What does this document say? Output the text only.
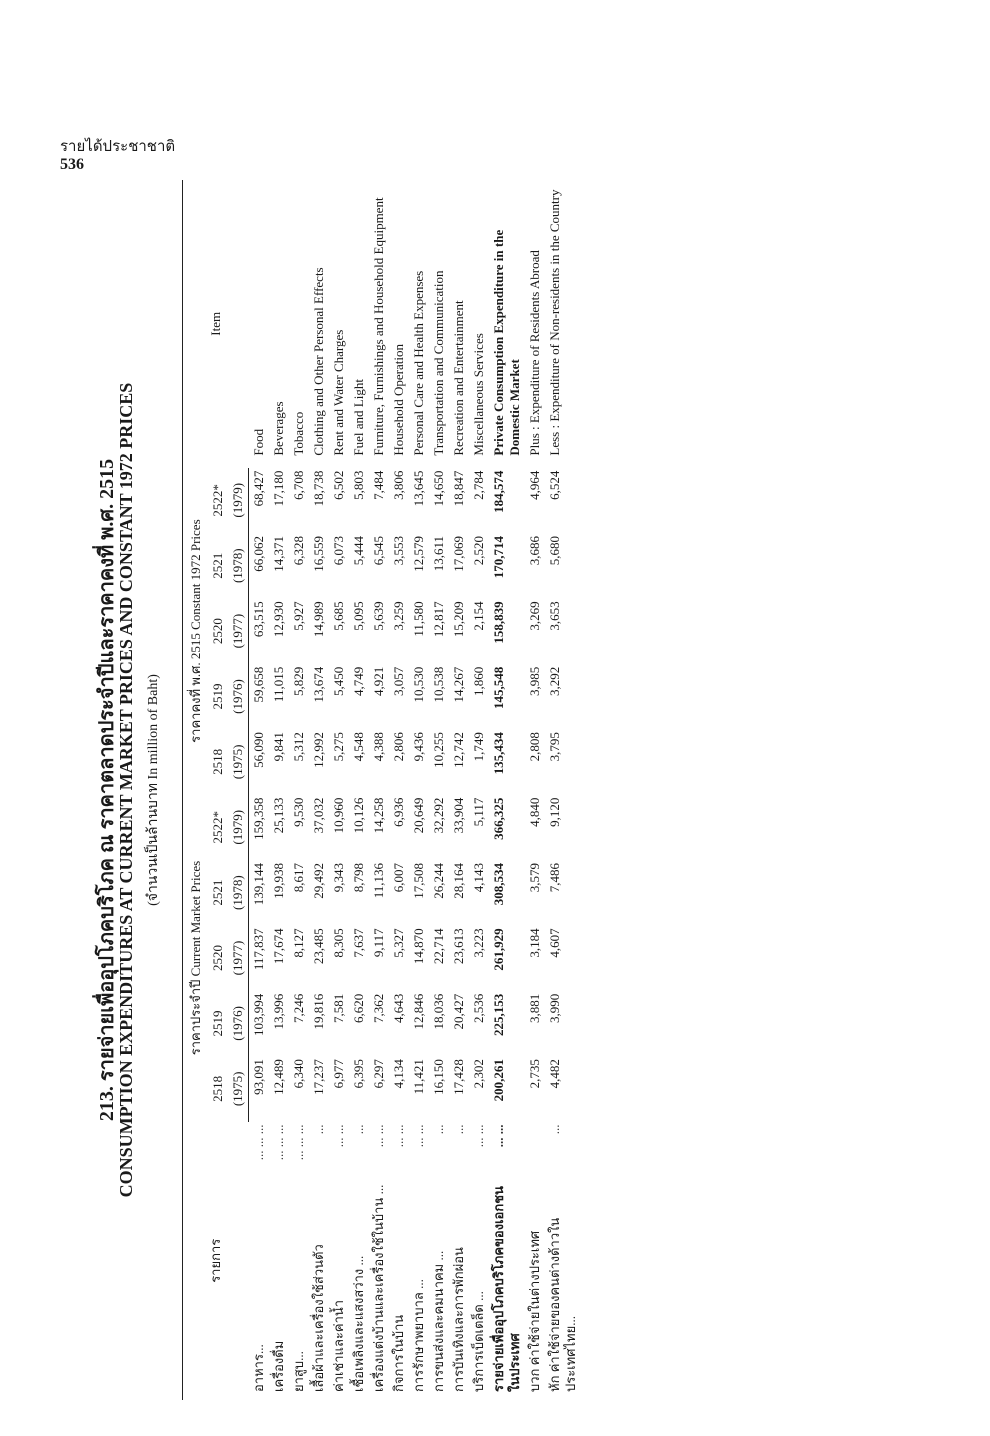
รายได้ประชาชาติ
536
213. รายจ่ายเพื่ออุปโภคบริโภค ณ ราคาตลาดประจำปีและราคาคงที่ พ.ศ. 2515
CONSUMPTION EXPENDITURES AT CURRENT MARKET PRICES AND CONSTANT 1972 PRICES (จำนวนเป็นล้านบาท In million of Baht)
รายการ		ราคาประจำปี Current Market Prices					ราคาคงที่ พ.ศ. 2515 Constant 1972 Prices					Item
		2518	2519	2520	2521	2522*	2518	2519	2520	2521	2522*	
		(1975)	(1976)	(1977)	(1978)	(1979)	(1975)	(1976)	(1977)	(1978)	(1979)	
อาหาร...	... ... ...	93,091	103,994	117,837	139,144	159,358	56,090	59,658	63,515	66,062	68,427	Food
เครื่องดื่ม	... ... ...	12,489	13,996	17,674	19,938	25,133	9,841	11,015	12,930	14,371	17,180	Beverages
ยาสูบ...	... ... ...	6,340	7,246	8,127	8,617	9,530	5,312	5,829	5,927	6,328	6,708	Tobacco
เสื้อผ้าและเครื่องใช้ส่วนตัว	...	17,237	19,816	23,485	29,492	37,032	12,992	13,674	14,989	16,559	18,738	Clothing and Other Personal Effects
ค่าเช่าและค่าน้ำ	... ...	6,977	7,581	8,305	9,343	10,960	5,275	5,450	5,685	6,073	6,502	Rent and Water Charges
เชื้อเพลิงและแสงสว่าง ...	...	6,395	6,620	7,637	8,798	10,126	4,548	4,749	5,095	5,444	5,803	Fuel and Light
เครื่องแต่งบ้านและเครื่องใช้ในบ้าน ...	... ...	6,297	7,362	9,117	11,136	14,258	4,388	4,921	5,639	6,545	7,484	Furniture, Furnishings and Household Equipment
กิจการในบ้าน	... ...	4,134	4,643	5,327	6,007	6,936	2,806	3,057	3,259	3,553	3,806	Household Operation
การรักษาพยาบาล ...	... ...	11,421	12,846	14,870	17,508	20,649	9,436	10,530	11,580	12,579	13,645	Personal Care and Health Expenses
การขนส่งและคมนาคม ...	...	16,150	18,036	22,714	26,244	32,292	10,255	10,538	12,817	13,611	14,650	Transportation and Communication
การบันเทิงและการพักผ่อน	...	17,428	20,427	23,613	28,164	33,904	12,742	14,267	15,209	17,069	18,847	Recreation and Entertainment
บริการเบ็ดเตล็ด ...	... ...	2,302	2,536	3,223	4,143	5,117	1,749	1,860	2,154	2,520	2,784	Miscellaneous Services
รายจ่ายเพื่ออุปโภคบริโภคของเอกชนในประเทศ	... ...	200,261	225,153	261,929	308,534	366,325	135,434	145,548	158,839	170,714	184,574	Private Consumption Expenditure in the Domestic Market
บวก ค่าใช้จ่ายในต่างประเทศ		2,735	3,881	3,184	3,579	4,840	2,808	3,985	3,269	3,686	4,964	Plus : Expenditure of Residents Abroad
หัก ค่าใช้จ่ายของคนต่างด้าวในประเทศไทย...	...	4,482	3,990	4,607	7,486	9,120	3,795	3,292	3,653	5,680	6,524	Less : Expenditure of Non-residents in the Country
